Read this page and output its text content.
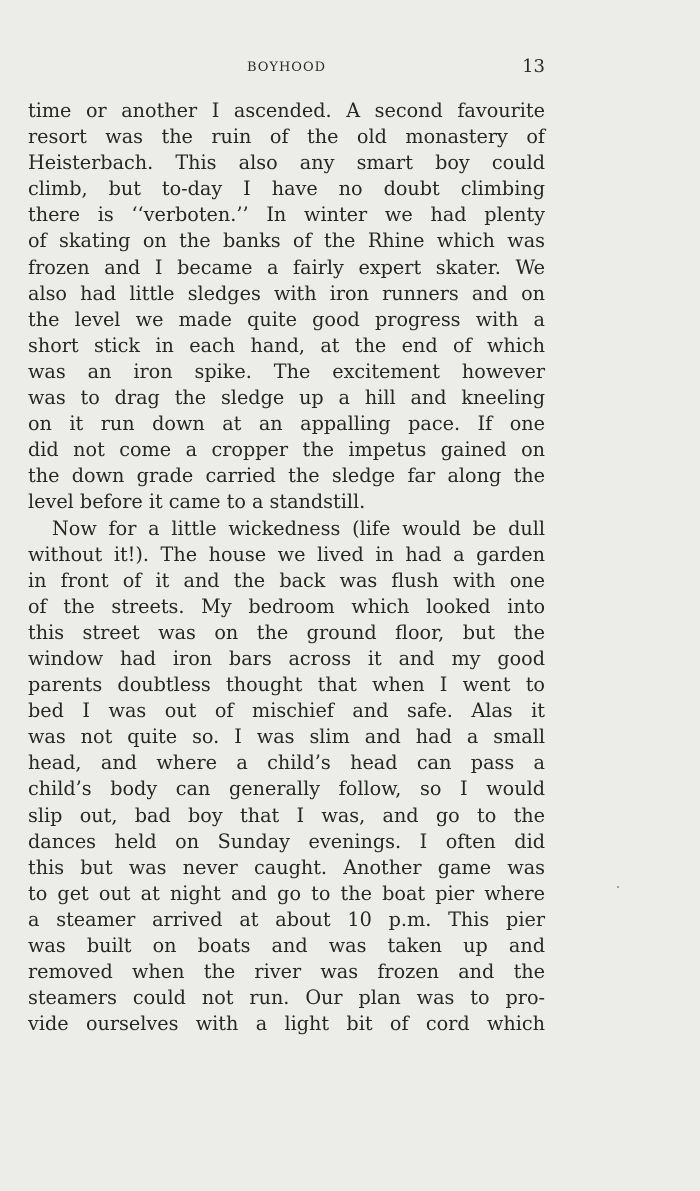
BOYHOOD	13
time or another I ascended. A second favourite
resort was the ruin of the old monastery of
Heisterbach. This also any smart boy could
climb, but to-day I have no doubt climbing
there is ‘‘verboten.’’ In winter we had plenty
of skating on the banks of the Rhine which was
frozen and I became a fairly expert skater. We
also had little sledges with iron runners and on
the level we made quite good progress with a
short stick in each hand, at the end of which
was an iron spike. The excitement however
was to drag the sledge up a hill and kneeling
on it run down at an appalling pace. If one
did not come a cropper the impetus gained on
the down grade carried the sledge far along the
level before it came to a standstill.
Now for a little wickedness (life would be dull
without it!). The house we lived in had a garden
in front of it and the back was flush with one
of the streets. My bedroom which looked into
this street was on the ground floor, but the
window had iron bars across it and my good
parents doubtless thought that when I went to
bed I was out of mischief and safe. Alas it
was not quite so. I was slim and had a small
head, and where a child’s head can pass a
child’s body can generally follow, so I would
slip out, bad boy that I was, and go to the
dances held on Sunday evenings. I often did
this but was never caught. Another game was
to get out at night and go to the boat pier where
a steamer arrived at about 10 p.m. This pier
was built on boats and was taken up and
removed when the river was frozen and the
steamers could not run. Our plan was to pro-
vide ourselves with a light bit of cord which
